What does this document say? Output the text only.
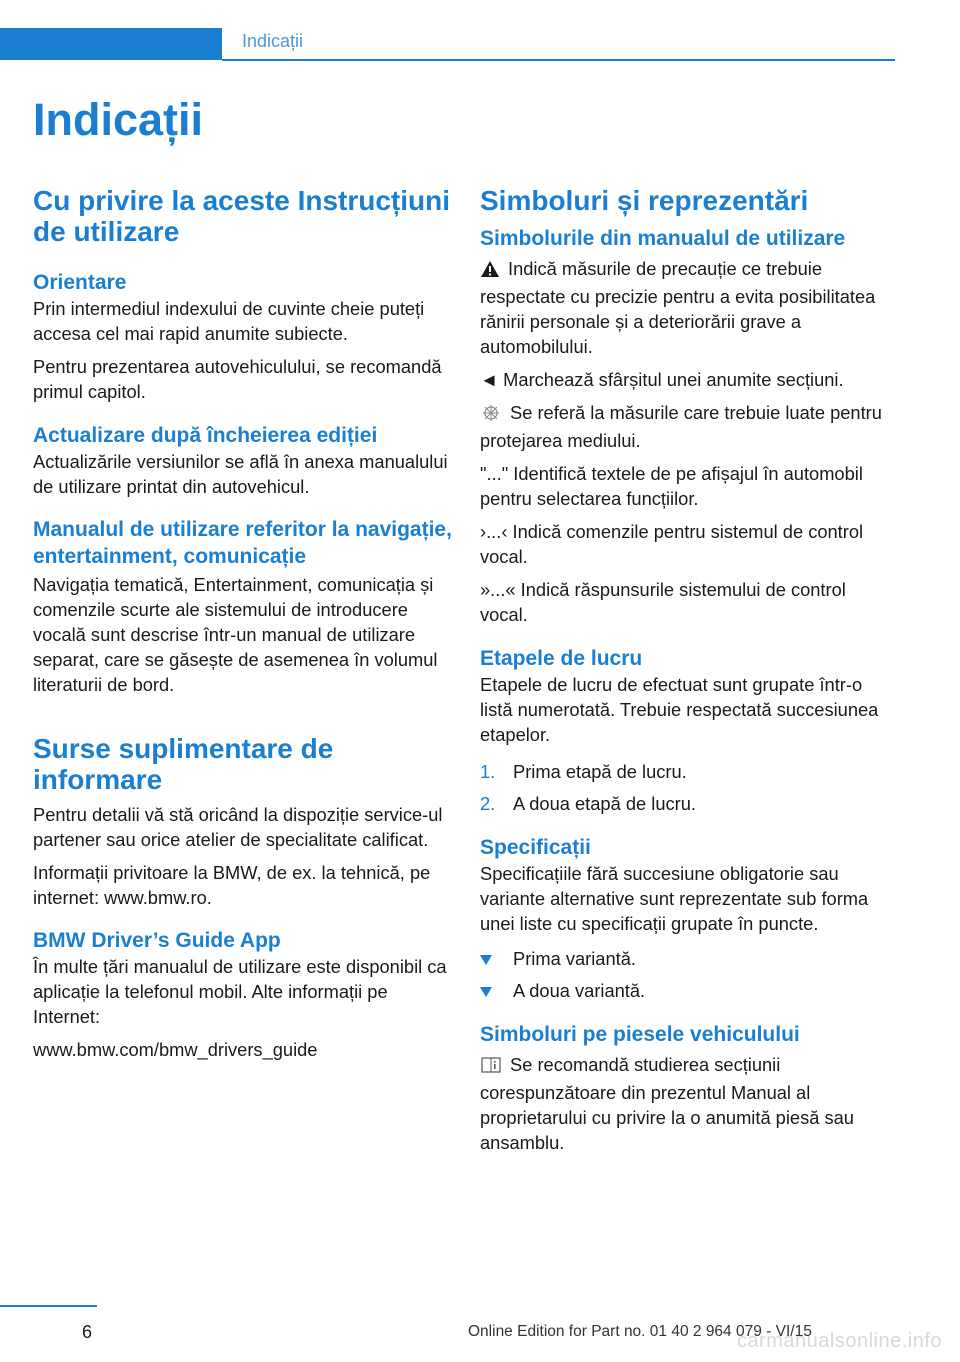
Indicații
Indicații
Cu privire la aceste Instrucțiuni de utilizare
Orientare

Prin intermediul indexului de cuvinte cheie puteți accesa cel mai rapid anumite subiecte.

Pentru prezentarea autovehiculului, se recomandă primul capitol.

Actualizare după încheierea ediției

Actualizările versiunilor se află în anexa manualului de utilizare printat din autovehicul.

Manualul de utilizare referitor la navigație, entertainment, comunicație

Navigația tematică, Entertainment, comunicația și comenzile scurte ale sistemului de introducere vocală sunt descrise într-un manual de utilizare separat, care se găsește de asemenea în volumul literaturii de bord.

Surse suplimentare de informare

Pentru detalii vă stă oricând la dispoziție service-ul partener sau orice atelier de specialitate calificat.

Informații privitoare la BMW, de ex. la tehnică, pe internet: www.bmw.ro.

BMW Driver’s Guide App

În multe țări manualul de utilizare este disponibil ca aplicație la telefonul mobil. Alte informații pe Internet:

www.bmw.com/bmw_drivers_guide

Simboluri și reprezentări
Simbolurile din manualul de utilizare

Indică măsurile de precauție ce trebuie respectate cu precizie pentru a evita posibilitatea rănirii personale și a deteriorării grave a automobilului.

◄ Marchează sfârșitul unei anumite secțiuni.

Se referă la măsurile care trebuie luate pentru protejarea mediului.

"..." Identifică textele de pe afișajul în automobil pentru selectarea funcțiilor.

›...‹ Indică comenzile pentru sistemul de control vocal.

»...« Indică răspunsurile sistemului de control vocal.

Etapele de lucru

Etapele de lucru de efectuat sunt grupate într-o listă numerotată. Trebuie respectată succesiunea etapelor.

1. Prima etapă de lucru.
2. A doua etapă de lucru.
Specificații

Specificațiile fără succesiune obligatorie sau variante alternative sunt reprezentate sub forma unei liste cu specificații grupate în puncte.

Prima variantă.
A doua variantă.
Simboluri pe piesele vehiculului

Se recomandă studierea secțiunii corespunzătoare din prezentul Manual al proprietarului cu privire la o anumită piesă sau ansamblu.

6	Online Edition for Part no. 01 40 2 964 079 - VI/15
carmanualsonline.info
